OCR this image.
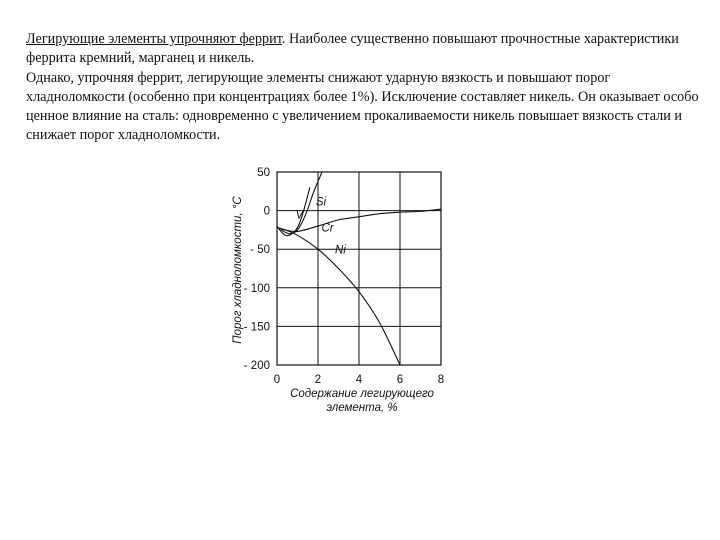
Легирующие элементы упрочняют феррит. Наиболее существенно повышают прочностные характеристики феррита кремний, марганец и никель.

Однако, упрочняя феррит, легирующие элементы снижают ударную вязкость и повышают порог хладноломкости (особенно при концентрациях более 1%). Исключение составляет никель. Он оказывает особо ценное влияние на сталь: одновременно с увеличением прокаливаемости никель повышает вязкость стали и снижает порог хладноломкости.

0	2	4	6	8
50
0
- 50
- 100
- 150
- 200
V
Si
Cr
Ni
Порог хладноломкости, °С
Содержание легирующего
элемента, %
